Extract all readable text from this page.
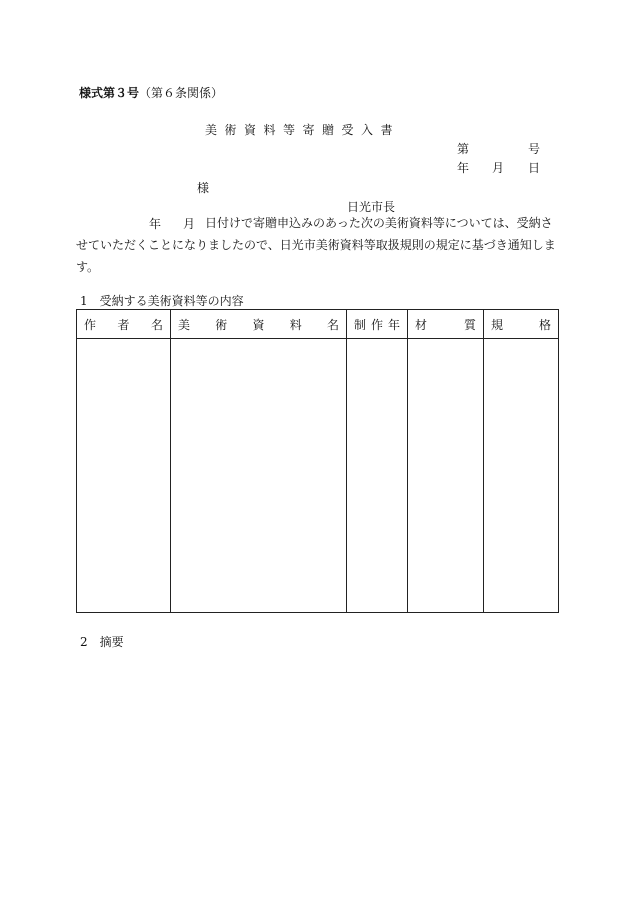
様式第３号（第６条関係）
美術資料等寄贈受入書
第	号
年 月 日
様
日光市長
年 月 日付けで寄贈申込みのあった次の美術資料等については、受納させていただくことになりましたので、日光市美術資料等取扱規則の規定に基づき通知します。
1　受納する美術資料等の内容
作者名	美術資料名	制作年	材質	規格

2　摘要
